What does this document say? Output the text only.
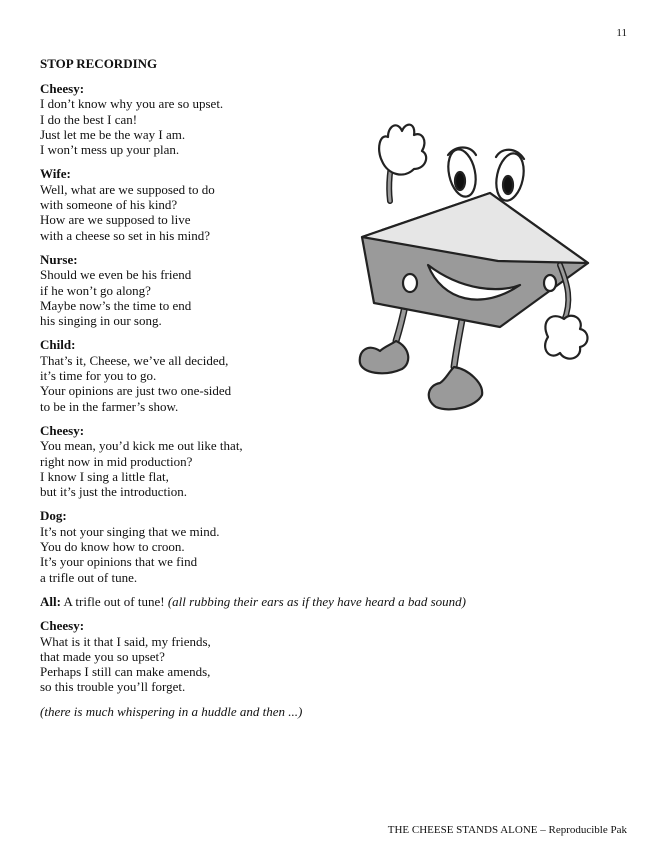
11
STOP RECORDING
Cheesy:
I don’t know why you are so upset.
I do the best I can!
Just let me be the way I am.
I won’t mess up your plan.
Wife:
Well, what are we supposed to do
with someone of his kind?
How are we supposed to live
with a cheese so set in his mind?
Nurse:
Should we even be his friend
if he won’t go along?
Maybe now’s the time to end
his singing in our song.
Child:
That’s it, Cheese, we’ve all decided,
it’s time for you to go.
Your opinions are just two one-sided
to be in the farmer’s show.
Cheesy:
You mean, you’d kick me out like that,
right now in mid production?
I know I sing a little flat,
but it’s just the introduction.
Dog:
It’s not your singing that we mind.
You do know how to croon.
It’s your opinions that we find
a trifle out of tune.
All: A trifle out of tune! (all rubbing their ears as if they have heard a bad sound)
Cheesy:
What is it that I said, my friends,
that made you so upset?
Perhaps I still can make amends,
so this trouble you’ll forget.
(there is much whispering in a huddle and then ...)
THE CHEESE STANDS ALONE – Reproducible Pak
